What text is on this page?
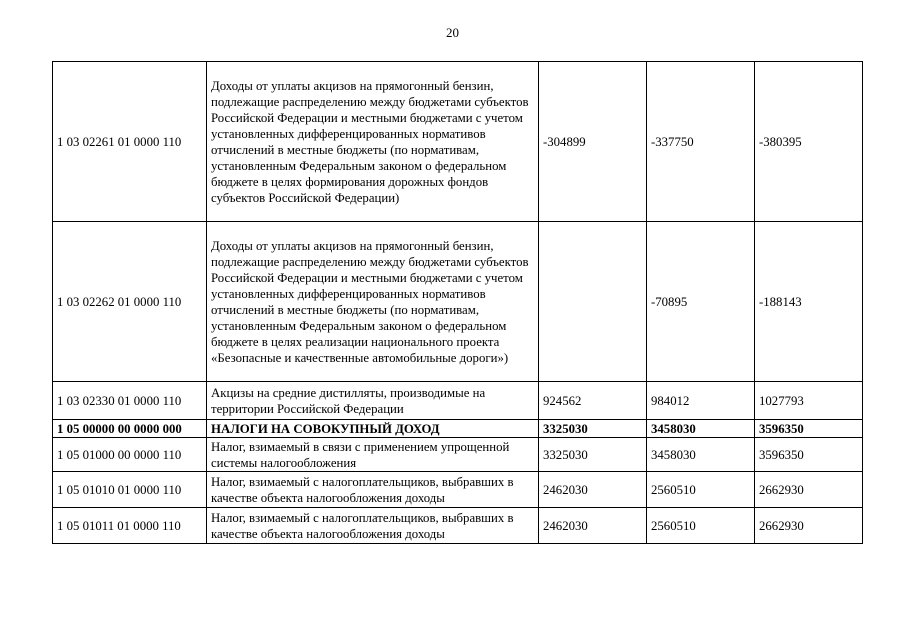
20
1 03 02261 01 0000 110	Доходы от уплаты акцизов на прямогонный бензин, подлежащие распределению между бюджетами субъектов Российской Федерации и местными бюджетами с учетом установленных дифференцированных нормативов отчислений в местные бюджеты (по нормативам, установленным Федеральным законом о федеральном бюджете в целях формирования дорожных фондов субъектов Российской Федерации)	-304899	-337750	-380395
1 03 02262 01 0000 110	Доходы от уплаты акцизов на прямогонный бензин, подлежащие распределению между бюджетами субъектов Российской Федерации и местными бюджетами с учетом установленных дифференцированных нормативов отчислений в местные бюджеты (по нормативам, установленным Федеральным законом о федеральном бюджете в целях реализации национального проекта «Безопасные и качественные автомобильные дороги»)		-70895	-188143
1 03 02330 01 0000 110	Акцизы на средние дистилляты, производимые на территории Российской Федерации	924562	984012	1027793
1 05 00000 00 0000 000	НАЛОГИ НА СОВОКУПНЫЙ ДОХОД	3325030	3458030	3596350
1 05 01000 00 0000 110	Налог, взимаемый в связи с применением упрощенной системы налогообложения	3325030	3458030	3596350
1 05 01010 01 0000 110	Налог, взимаемый с налогоплательщиков, выбравших в качестве объекта налогообложения доходы	2462030	2560510	2662930
1 05 01011 01 0000 110	Налог, взимаемый с налогоплательщиков, выбравших в качестве объекта налогообложения доходы	2462030	2560510	2662930
